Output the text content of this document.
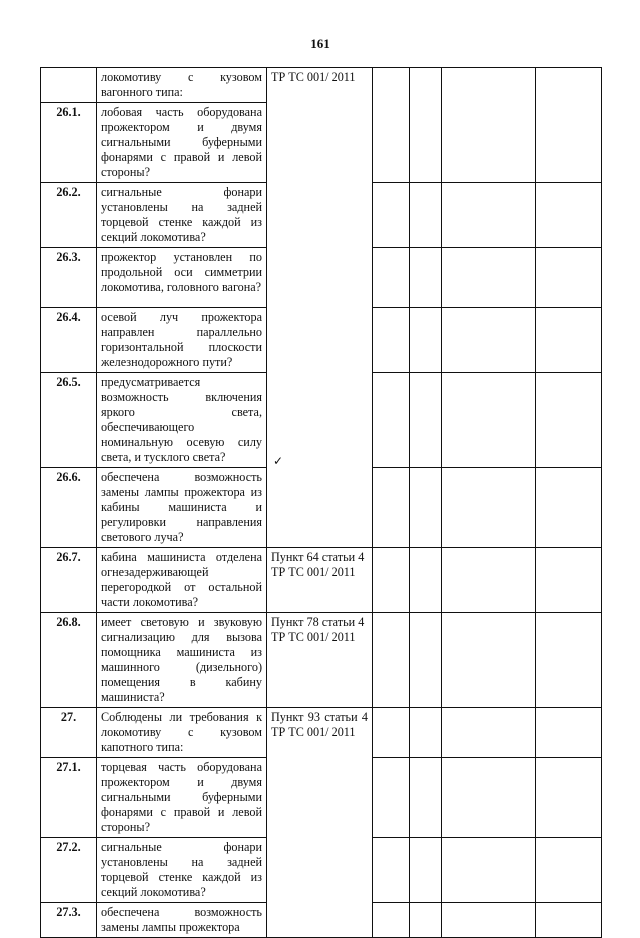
161
	локомотиву с кузовом вагонного типа:	ТР ТС 001/ 2011
✓				
26.1.	лобовая часть оборудована прожектором и двумя сигнальными буферными фонарями с правой и левой стороны?					
26.2.	сигнальные фонари установлены на задней торцевой стенке каждой из секций локомотива?					
26.3.	прожектор установлен по продольной оси симметрии локомотива, головного вагона?					
26.4.	осевой луч прожектора направлен параллельно горизонтальной плоскости железнодорожного пути?					
26.5.	предусматривается возможность включения яркого света, обеспечивающего номинальную осевую силу света, и тусклого света?					
26.6.	обеспечена возможность замены лампы прожектора из кабины машиниста и регулировки направления светового луча?					
26.7.	кабина машиниста отделена огнезадерживающей перегородкой от остальной части локомотива?	Пункт 64 статьи 4 ТР ТС 001/ 2011				
26.8.	имеет световую и звуковую сигнализацию для вызова помощника машиниста из машинного (дизельного) помещения в кабину машиниста?	Пункт 78 статьи 4 ТР ТС 001/ 2011				
27.	Соблюдены ли требования к локомотиву с кузовом капотного типа:	Пункт 93 статьи 4 ТР ТС 001/ 2011				
27.1.	торцевая часть оборудована прожектором и двумя сигнальными буферными фонарями с правой и левой стороны?					
27.2.	сигнальные фонари установлены на задней торцевой стенке каждой из секций локомотива?					
27.3.	обеспечена возможность замены лампы прожектора					
